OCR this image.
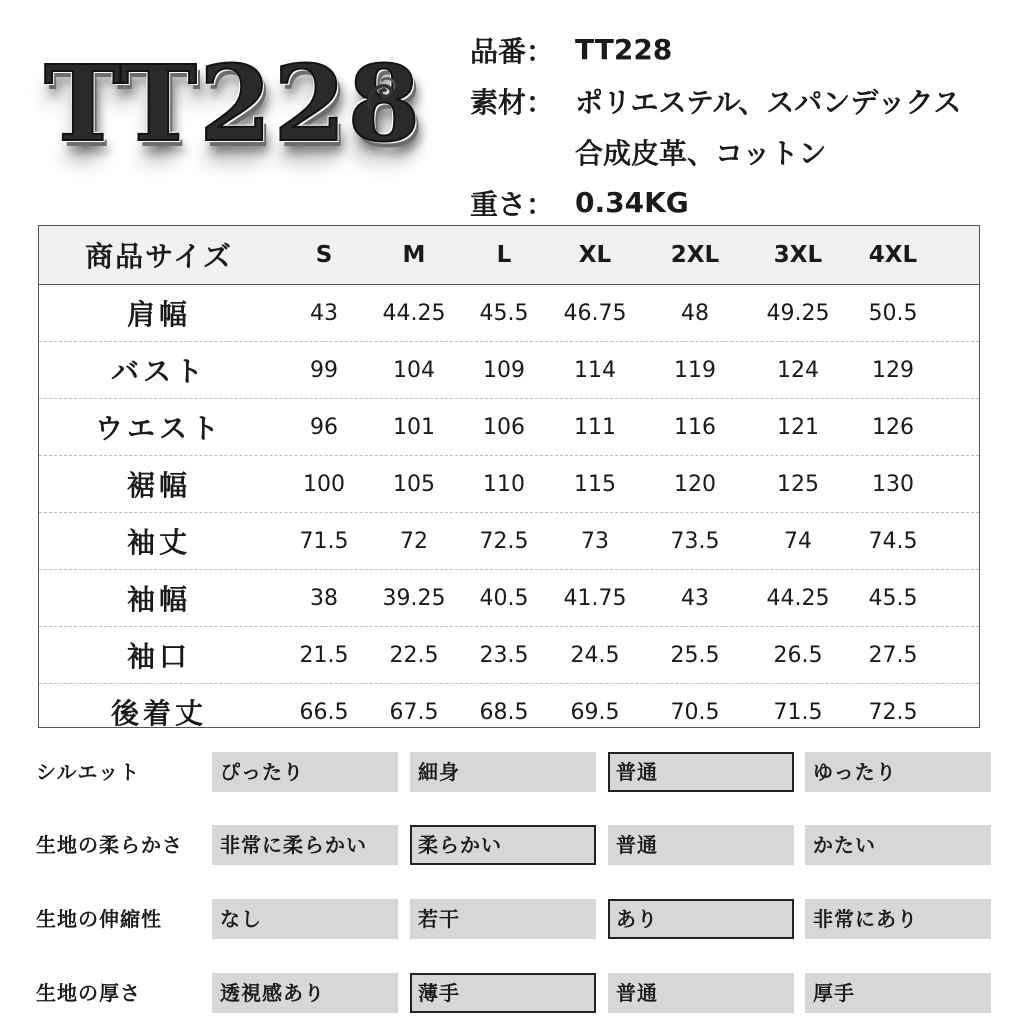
TT228 品番： TT228
素材： ポリエステル、スパンデックス
合成皮革、コットン
重さ： 0.34KG
商品サイズ	S	M	L	XL	2XL	3XL	4XL
肩幅	43	44.25	45.5	46.75	48	49.25	50.5
バスト	99	104	109	114	119	124	129
ウエスト	96	101	106	111	116	121	126
裾幅	100	105	110	115	120	125	130
袖丈	71.5	72	72.5	73	73.5	74	74.5
袖幅	38	39.25	40.5	41.75	43	44.25	45.5
袖口	21.5	22.5	23.5	24.5	25.5	26.5	27.5
後着丈	66.5	67.5	68.5	69.5	70.5	71.5	72.5
シルエット	ぴったり	細身	普通	ゆったり
生地の柔らかさ	非常に柔らかい	柔らかい	普通	かたい
生地の伸縮性	なし	若干	あり	非常にあり
生地の厚さ	透視感あり	薄手	普通	厚手
